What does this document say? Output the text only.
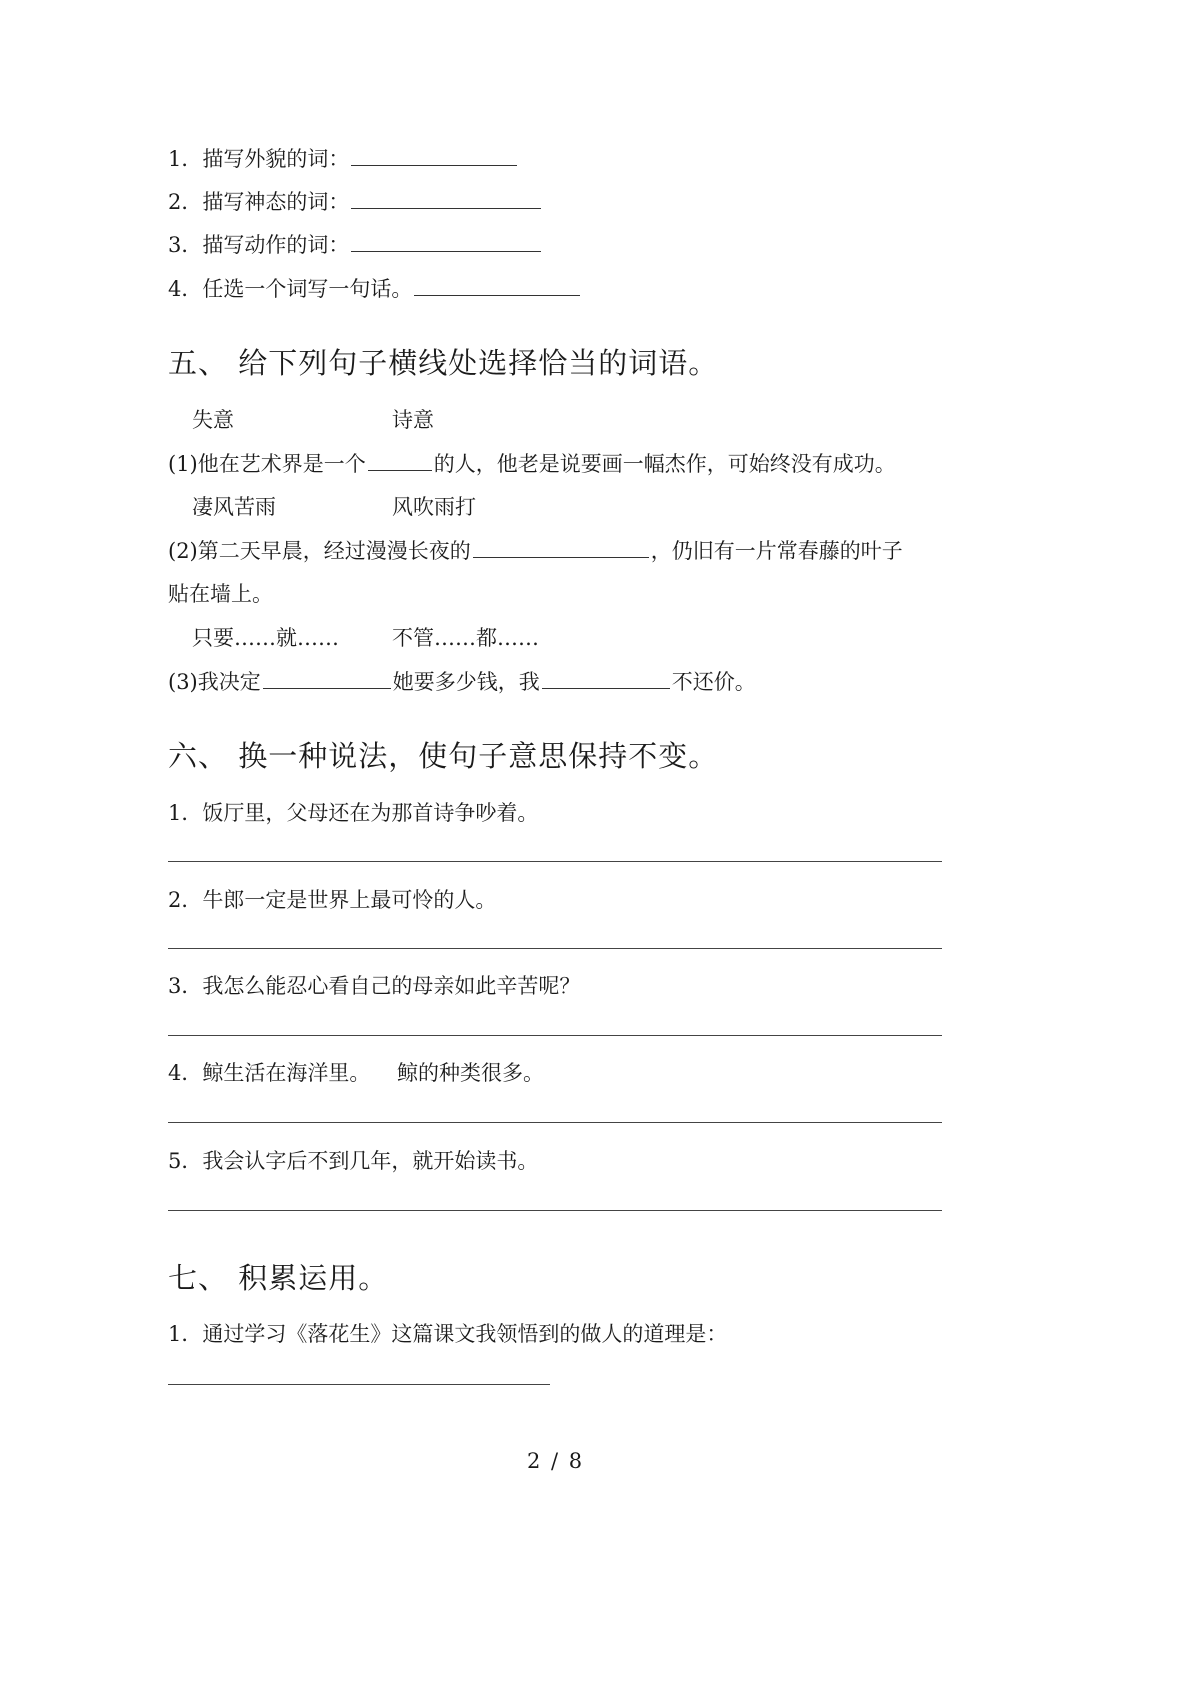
1．描写外貌的词：
2．描写神态的词：
3．描写动作的词：
4．任选一个词写一句话。
五、 给下列句子横线处选择恰当的词语。
失意	诗意
(1)他在艺术界是一个	的人，他老是说要画一幅杰作，可始终没有成功。
凄风苦雨	风吹雨打
(2)第二天早晨，经过漫漫长夜的	，仍旧有一片常春藤的叶子
贴在墙上。
只要……就……	不管……都……
(3)我决定	她要多少钱，我	不还价。
六、 换一种说法，使句子意思保持不变。
1．饭厅里，父母还在为那首诗争吵着。
2．牛郎一定是世界上最可怜的人。
3．我怎么能忍心看自己的母亲如此辛苦呢？
4．鲸生活在海洋里。    鲸的种类很多。
5．我会认字后不到几年，就开始读书。
七、 积累运用。
1．通过学习《落花生》这篇课文我领悟到的做人的道理是：
2 / 8
